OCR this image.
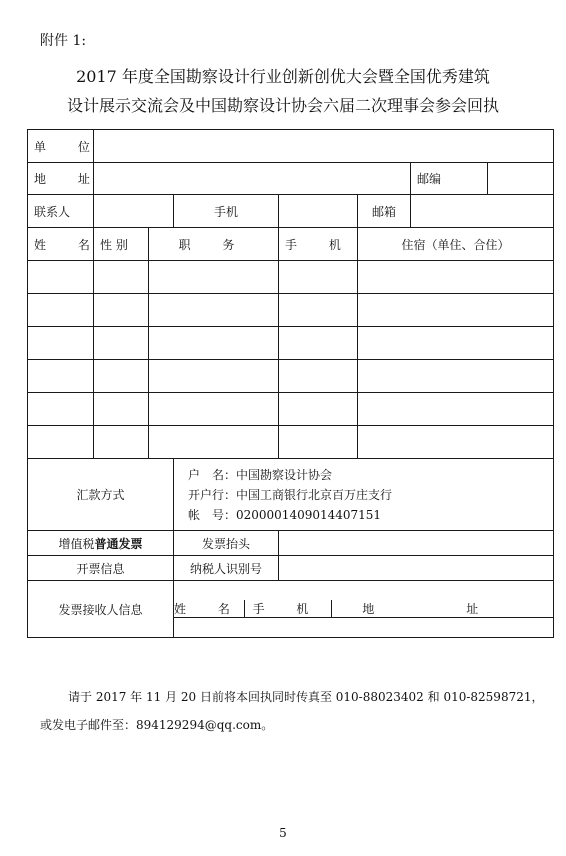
附件 1:
2017 年度全国勘察设计行业创新创优大会暨全国优秀建筑
设计展示交流会及中国勘察设计协会六届二次理事会参会回执
单 位	
地 址		邮编	
联系人		手机		邮箱	
姓 名	性 别	职 务	手 机	住宿（单住、合住）

汇款方式	
户　名：中国勘察设计协会
开户行：中国工商银行北京百万庄支行
帐　号：0200001409014407151

增值税普通发票	发票抬头	
开票信息	纳税人识别号	
发票接收人信息		姓 名	手 机	地 址

请于 2017 年 11 月 20 日前将本回执同时传真至 010-88023402 和 010-82598721，
或发电子邮件至：894129294@qq.com。
5
